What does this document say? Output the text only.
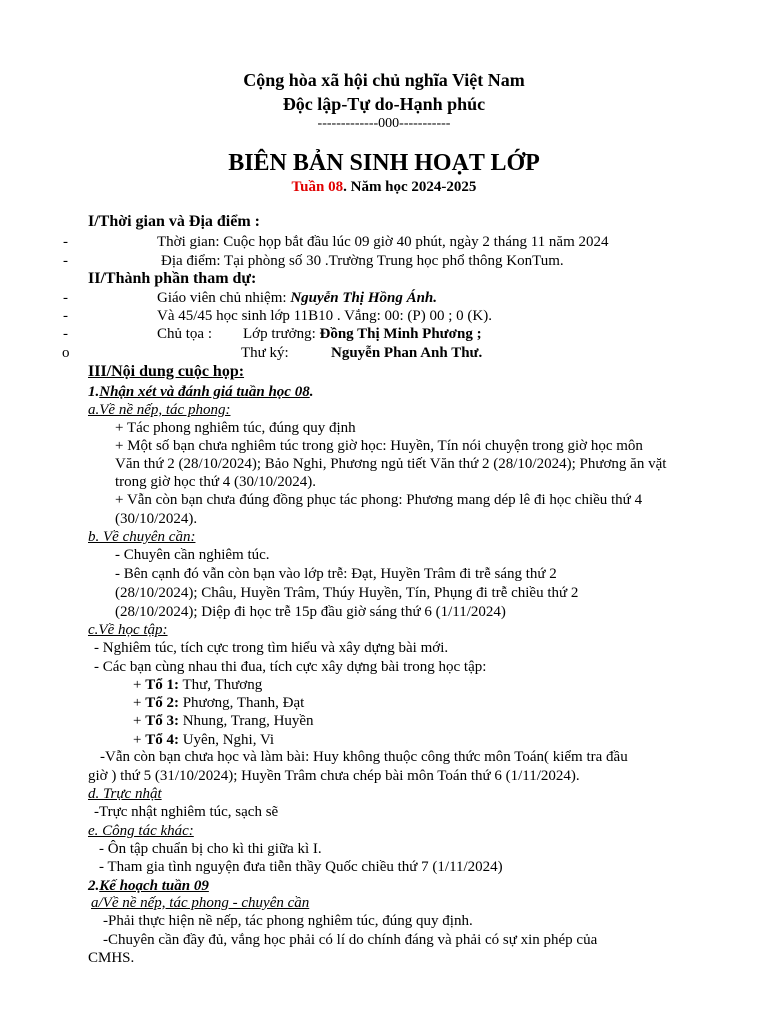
Cộng hòa xã hội chủ nghĩa Việt Nam
Độc lập-Tự do-Hạnh phúc
-------------000-----------
BIÊN BẢN SINH HOẠT LỚP
Tuần 08. Năm học 2024-2025
I/Thời gian và Địa điểm :
-	Thời gian: Cuộc họp bắt đầu lúc 09 giờ 40 phút, ngày 2 tháng 11 năm 2024
-	Địa điểm: Tại phòng số 30 .Trường Trung học phổ thông KonTum.
II/Thành phần tham dự:
-	Giáo viên chủ nhiệm: Nguyễn Thị Hồng Ánh.
-	Và 45/45 học sinh lớp 11B10 . Vắng: 00: (P) 00 ; 0 (K).
-	Chủ tọa : Lớp trưởng: Đồng Thị Minh Phương ;
o	Thư ký:	Nguyễn Phan Anh Thư.
III/Nội dung cuộc họp:
1.Nhận xét và đánh giá tuần học 08.
a.Về nề nếp, tác phong:
+ Tác phong nghiêm túc, đúng quy định
+ Một số bạn chưa nghiêm túc trong giờ học: Huyền, Tín nói chuyện trong giờ học môn
Văn thứ 2 (28/10/2024); Bảo Nghi, Phương ngủ tiết Văn thứ 2 (28/10/2024); Phương ăn vặt
trong giờ học thứ 4 (30/10/2024).
+ Vẫn còn bạn chưa đúng đồng phục tác phong: Phương mang dép lê đi học chiều thứ 4
(30/10/2024).
b. Về chuyên cần:
- Chuyên cần nghiêm túc.
- Bên cạnh đó vẫn còn bạn vào lớp trễ: Đạt, Huyền Trâm đi trễ sáng thứ 2
(28/10/2024); Châu, Huyền Trâm, Thúy Huyền, Tín, Phụng đi trễ chiều thứ 2
(28/10/2024); Diệp đi học trễ 15p đầu giờ sáng thứ 6 (1/11/2024)
c.Về học tập:
- Nghiêm túc, tích cực trong tìm hiểu và xây dựng bài mới.
- Các bạn cùng nhau thi đua, tích cực xây dựng bài trong học tập:
+ Tổ 1: Thư, Thương
+ Tổ 2: Phương, Thanh, Đạt
+ Tổ 3: Nhung, Trang, Huyền
+ Tổ 4: Uyên, Nghi, Vi
-Vẫn còn bạn chưa học và làm bài: Huy không thuộc công thức môn Toán( kiểm tra đầu
giờ ) thứ 5 (31/10/2024); Huyền Trâm chưa chép bài môn Toán thứ 6 (1/11/2024).
d. Trực nhật
-Trực nhật nghiêm túc, sạch sẽ
e. Công tác khác:
- Ôn tập chuẩn bị cho kì thi giữa kì I.
- Tham gia tình nguyện đưa tiễn thầy Quốc chiều thứ 7 (1/11/2024)
2.Kế hoạch tuần 09
a/Về nề nếp, tác phong - chuyên cần
-Phải thực hiện nề nếp, tác phong nghiêm túc, đúng quy định.
-Chuyên cần đầy đủ, vắng học phải có lí do chính đáng và phải có sự xin phép của
CMHS.
